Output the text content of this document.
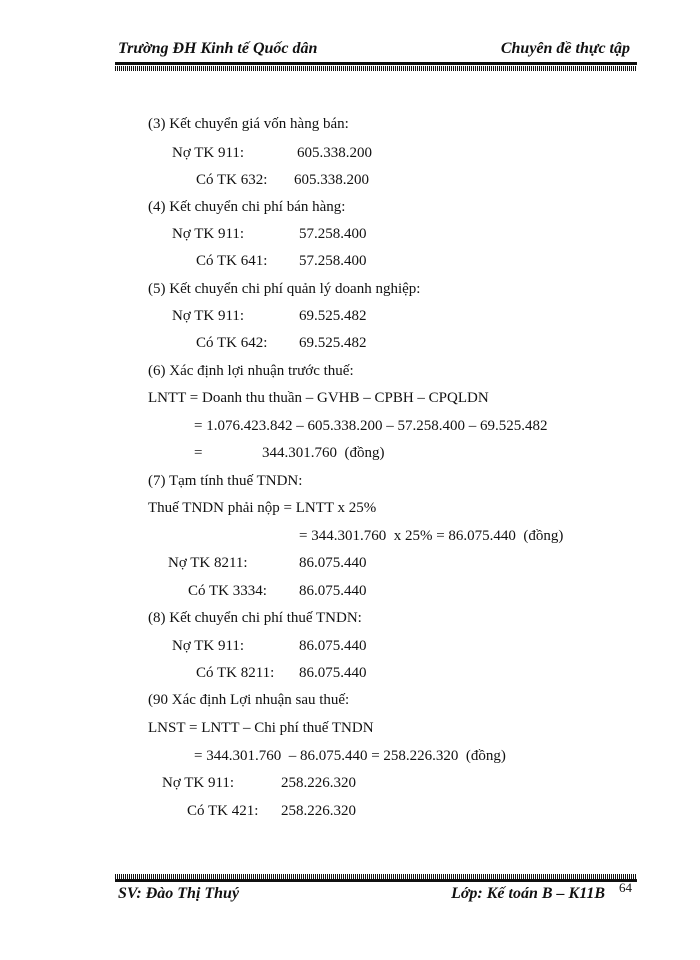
Trường ĐH Kinh tế Quốc dân	Chuyên đề thực tập
(3) Kết chuyển giá vốn hàng bán:
Nợ TK 911:	605.338.200
Có TK 632: 605.338.200
(4) Kết chuyển chi phí bán hàng:
Nợ TK 911:	57.258.400
Có TK 641: 57.258.400
(5) Kết chuyển chi phí quản lý doanh nghiệp:
Nợ TK 911:	69.525.482
Có TK 642: 69.525.482
(6) Xác định lợi nhuận trước thuế:
LNTT = Doanh thu thuần – GVHB – CPBH – CPQLDN
= 1.076.423.842 – 605.338.200 – 57.258.400 – 69.525.482
=	344.301.760  (đồng)
(7) Tạm tính thuế TNDN:
Thuế TNDN phải nộp = LNTT x 25%
= 344.301.760  x 25% = 86.075.440  (đồng)
Nợ TK 8211:	86.075.440
Có TK 3334: 86.075.440
(8) Kết chuyển chi phí thuế TNDN:
Nợ TK 911:	86.075.440
Có TK 8211: 86.075.440
(90 Xác định Lợi nhuận sau thuế:
LNST = LNTT – Chi phí thuế TNDN
= 344.301.760  – 86.075.440 = 258.226.320  (đồng)
Nợ TK 911:	258.226.320
Có TK 421: 258.226.320
SV: Đào Thị Thuý	Lớp: Kế toán B – K11B 64
